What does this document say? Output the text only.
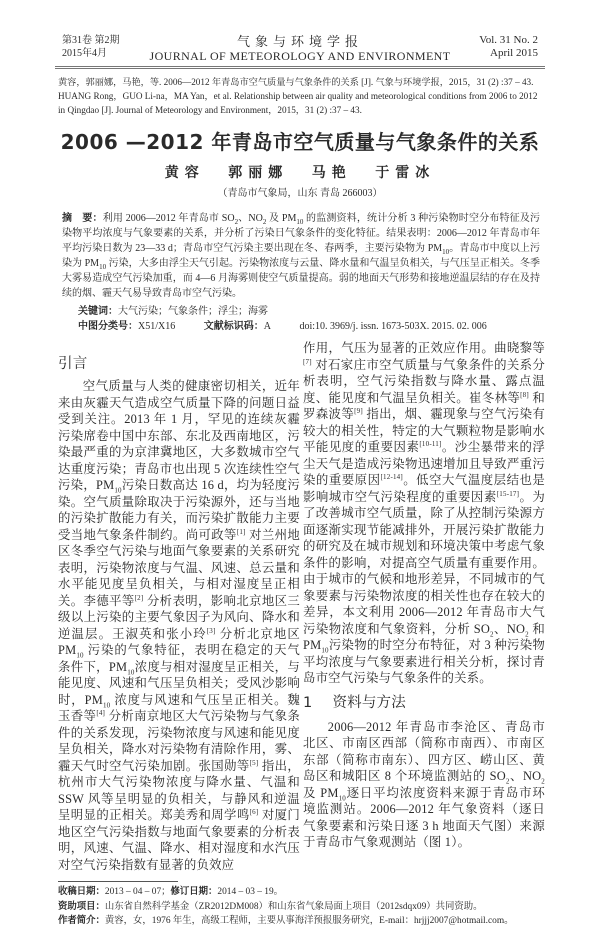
第31卷 第2期
2015年4月
气象与环境学报
JOURNAL OF METEOROLOGY AND ENVIRONMENT
Vol. 31 No. 2
April 2015
黄容，郭丽娜，马艳，等. 2006—2012 年青岛市空气质量与气象条件的关系 [J]. 气象与环境学报，2015，31 (2) :37 – 43.
HUANG Rong，GUO Li-na，MA Yan，et al. Relationship between air quality and meteorological conditions from 2006 to 2012 in Qingdao [J]. Journal of Meteorology and Environment，2015，31 (2) :37 – 43.
2006 —2012 年青岛市空气质量与气象条件的关系
黄容 郭丽娜 马艳 于雷冰
（青岛市气象局，山东 青岛 266003）
摘　要：利用 2006—2012 年青岛市 $SO_2$、$NO_2$ 及 $PM_{10}$ 的监测资料，统计分析 3 种污染物时空分布特征及污染物平均浓度与气象要素的关系，并分析了污染日气象条件的变化特征。结果表明：2006—2012 年青岛市年平均污染日数为 23—33 d；青岛市空气污染主要出现在冬、春两季，主要污染物为 $PM_{10}$。青岛市中度以上污染为 $PM_{10}$ 污染，大多由浮尘天气引起。污染物浓度与云量、降水量和气温呈负相关，与气压呈正相关。冬季大雾易造成空气污染加重，而 4—6 月海雾则使空气质量提高。弱的地面天气形势和接地逆温层结的存在及持续的烟、霾天气易导致青岛市空气污染。
关键词：大气污染；气象条件；浮尘；海雾
中图分类号：X51/X16	文献标识码：A	doi:10. 3969/j. issn. 1673-503X. 2015. 02. 006
引言

空气质量与人类的健康密切相关，近年来由灰霾天气造成空气质量下降的问题日益受到关注。2013 年 1 月，罕见的连续灰霾污染席卷中国中东部、东北及西南地区，污染最严重的为京津冀地区，大多数城市空气达重度污染；青岛市也出现 5 次连续性空气污染，$PM_{10}$污染日数高达 16 d，均为轻度污染。空气质量除取决于污染源外，还与当地的污染扩散能力有关，而污染扩散能力主要受当地气象条件制约。尚可政等[1] 对兰州地区冬季空气污染与地面气象要素的关系研究表明，污染物浓度与气温、风速、总云量和水平能见度呈负相关，与相对湿度呈正相关。李德平等[2] 分析表明，影响北京地区三级以上污染的主要气象因子为风向、降水和逆温层。王淑英和张小玲[3] 分析北京地区 $PM_{10}$ 污染的气象特征，表明在稳定的天气条件下，$PM_{10}$浓度与相对湿度呈正相关，与能见度、风速和气压呈负相关；受风沙影响时，$PM_{10}$ 浓度与风速和气压呈正相关。魏玉香等[4] 分析南京地区大气污染物与气象条件的关系发现，污染物浓度与风速和能见度呈负相关，降水对污染物有清除作用，雾、霾天气时空气污染加剧。张国勋等[5] 指出，杭州市大气污染物浓度与降水量、气温和 SSW 风等呈明显的负相关，与静风和逆温呈明显的正相关。郑美秀和周学鸣[6] 对厦门地区空气污染指数与地面气象要素的分析表明，风速、气温、降水、相对湿度和水汽压对空气污染指数有显著的负效应

作用，气压为显著的正效应作用。曲晓黎等[7] 对石家庄市空气质量与气象条件的关系分析表明，空气污染指数与降水量、露点温度、能见度和气温呈负相关。崔冬林等[8] 和罗森波等[9] 指出，烟、霾现象与空气污染有较大的相关性，特定的大气颗粒物是影响水平能见度的重要因素[10-11]。沙尘暴带来的浮尘天气是造成污染物迅速增加且导致严重污染的重要原因[12-14]。低空大气温度层结也是影响城市空气污染程度的重要因素[15-17]。为了改善城市空气质量，除了从控制污染源方面逐渐实现节能减排外，开展污染扩散能力的研究及在城市规划和环境决策中考虑气象条件的影响，对提高空气质量有重要作用。由于城市的气候和地形差异，不同城市的气象要素与污染物浓度的相关性也存在较大的差异，本文利用 2006—2012 年青岛市大气污染物浓度和气象资料，分析 $SO_2$、$NO_2$ 和 $PM_{10}$污染物的时空分布特征，对 3 种污染物平均浓度与气象要素进行相关分析，探讨青岛市空气污染与气象条件的关系。

1 资料与方法

2006—2012 年青岛市李沧区、青岛市北区、市南区西部（简称市南西）、市南区东部（简称市南东）、四方区、崂山区、黄岛区和城阳区 8 个环境监测站的 $SO_2$、$NO_2$ 及 $PM_{10}$逐日平均浓度资料来源于青岛市环境监测站。2006—2012 年气象资料（逐日气象要素和污染日逐 3 h 地面天气图）来源于青岛市气象观测站（图 1）。

收稿日期：2013 – 04 – 07；修订日期：2014 – 03 – 19。
资助项目：山东省自然科学基金（ZR2012DM008）和山东省气象局面上项目（2012sdqx09）共同资助。
作者简介：黄容，女，1976 年生，高级工程师，主要从事海洋预报服务研究，E-mail：hrjjj2007@hotmail.com。
